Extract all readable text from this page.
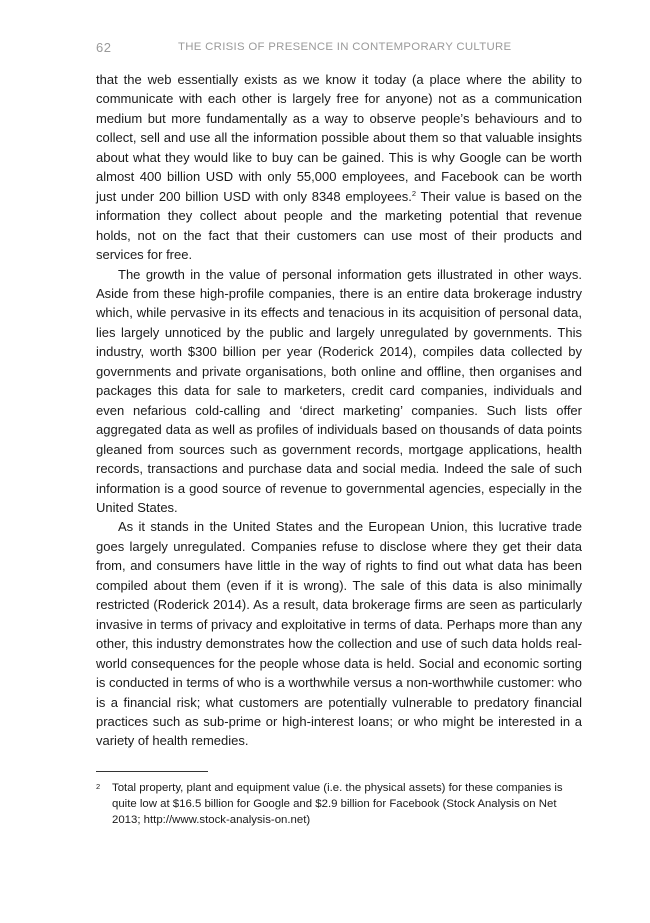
62	THE CRISIS OF PRESENCE IN CONTEMPORARY CULTURE

that the web essentially exists as we know it today (a place where the ability to communicate with each other is largely free for anyone) not as a communication medium but more fundamentally as a way to observe people’s behaviours and to collect, sell and use all the information possible about them so that valuable insights about what they would like to buy can be gained. This is why Google can be worth almost 400 billion USD with only 55,000 employees, and Facebook can be worth just under 200 billion USD with only 8348 employees.$^2$ Their value is based on the information they collect about people and the marketing potential that revenue holds, not on the fact that their customers can use most of their products and services for free.

The growth in the value of personal information gets illustrated in other ways. Aside from these high-profile companies, there is an entire data brokerage industry which, while pervasive in its effects and tenacious in its acquisition of personal data, lies largely unnoticed by the public and largely unregulated by governments. This industry, worth $300 billion per year (Roderick 2014), compiles data collected by governments and private organisations, both online and offline, then organises and packages this data for sale to marketers, credit card companies, individuals and even nefarious cold-calling and ‘direct marketing’ companies. Such lists offer aggregated data as well as profiles of individuals based on thousands of data points gleaned from sources such as government records, mortgage applications, health records, transactions and purchase data and social media. Indeed the sale of such information is a good source of revenue to governmental agencies, especially in the United States.

As it stands in the United States and the European Union, this lucrative trade goes largely unregulated. Companies refuse to disclose where they get their data from, and consumers have little in the way of rights to find out what data has been compiled about them (even if it is wrong). The sale of this data is also minimally restricted (Roderick 2014). As a result, data brokerage firms are seen as particularly invasive in terms of privacy and exploitative in terms of data. Perhaps more than any other, this industry demonstrates how the collection and use of such data holds real-world consequences for the people whose data is held. Social and economic sorting is conducted in terms of who is a worthwhile versus a non-worthwhile customer: who is a financial risk; what customers are potentially vulnerable to predatory financial practices such as sub-prime or high-interest loans; or who might be interested in a variety of health remedies.

2 Total property, plant and equipment value (i.e. the physical assets) for these companies is quite low at $16.5 billion for Google and $2.9 billion for Facebook (Stock Analysis on Net 2013; http://www.stock-analysis-on.net)
